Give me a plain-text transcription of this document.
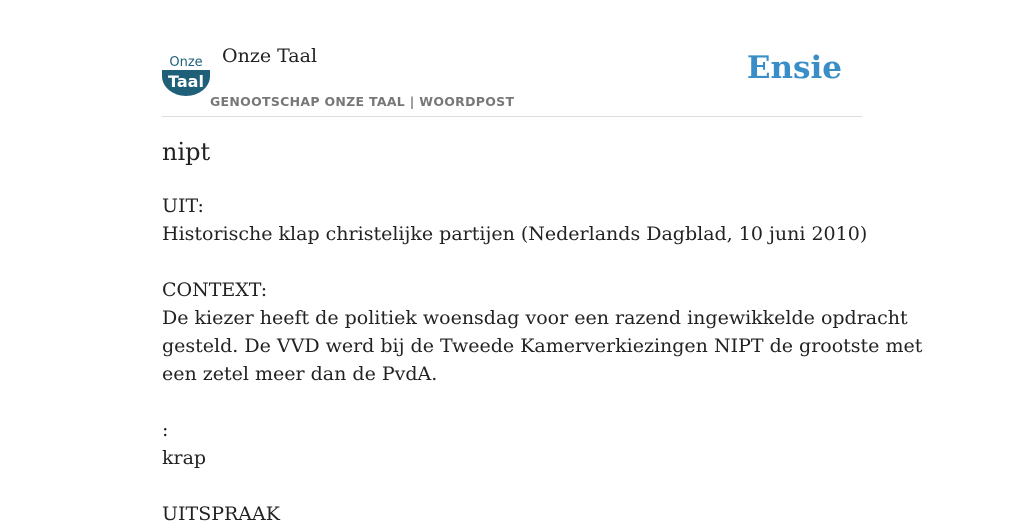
Onze
Taal
Onze Taal
GENOOTSCHAP ONZE TAAL | WOORDPOST
Ensie
nipt
UIT:
Historische klap christelijke partijen (Nederlands Dagblad, 10 juni 2010)
CONTEXT:
De kiezer heeft de politiek woensdag voor een razend ingewikkelde opdracht
gesteld. De VVD werd bij de Tweede Kamerverkiezingen NIPT de grootste met
een zetel meer dan de PvdA.
:
krap
UITSPRAAK
